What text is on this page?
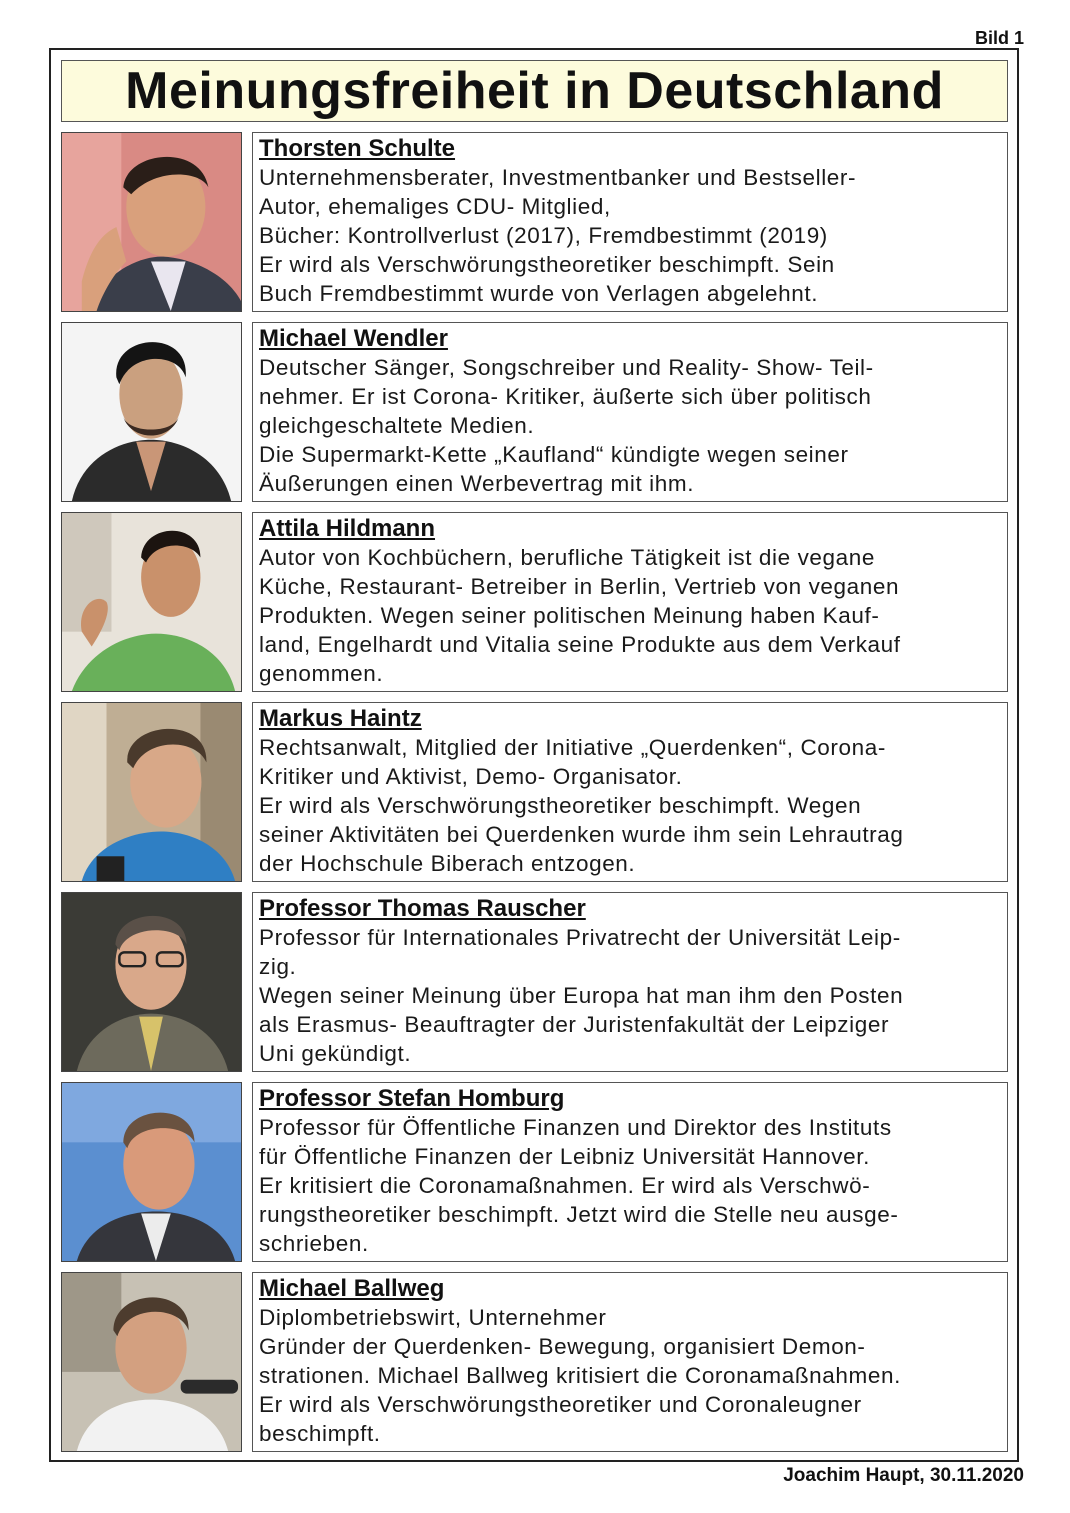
Bild 1
Meinungsfreiheit in Deutschland
Thorsten Schulte
Unternehmensberater, Investmentbanker und Bestseller-
Autor, ehemaliges CDU- Mitglied,
Bücher: Kontrollverlust (2017), Fremdbestimmt (2019)
Er wird als Verschwörungstheoretiker beschimpft. Sein
Buch Fremdbestimmt wurde von Verlagen abgelehnt.
Michael Wendler
Deutscher Sänger, Songschreiber und Reality- Show- Teil-
nehmer. Er ist Corona- Kritiker, äußerte sich über politisch
gleichgeschaltete Medien.
Die Supermarkt-Kette „Kaufland“ kündigte wegen seiner
Äußerungen einen Werbevertrag mit ihm.
Attila Hildmann
Autor von Kochbüchern, berufliche Tätigkeit ist die vegane
Küche, Restaurant- Betreiber in Berlin, Vertrieb von veganen
Produkten. Wegen seiner politischen Meinung haben Kauf-
land, Engelhardt und Vitalia seine Produkte aus dem Verkauf
genommen.
Markus Haintz
Rechtsanwalt, Mitglied der Initiative „Querdenken“, Corona-
Kritiker und Aktivist, Demo- Organisator.
Er wird als Verschwörungstheoretiker beschimpft. Wegen
seiner Aktivitäten bei Querdenken wurde ihm sein Lehrautrag
der Hochschule Biberach entzogen.
Professor Thomas Rauscher
Professor für Internationales Privatrecht der Universität Leip-
zig.
Wegen seiner Meinung über Europa hat man ihm den Posten
als Erasmus- Beauftragter der Juristenfakultät der Leipziger
Uni gekündigt.
Professor Stefan Homburg
Professor für Öffentliche Finanzen und Direktor des Instituts
für Öffentliche Finanzen der Leibniz Universität Hannover.
Er kritisiert die Coronamaßnahmen. Er wird als Verschwö-
rungstheoretiker beschimpft. Jetzt wird die Stelle neu ausge-
schrieben.
Michael Ballweg
Diplombetriebswirt, Unternehmer
Gründer der Querdenken- Bewegung, organisiert Demon-
strationen. Michael Ballweg kritisiert die Coronamaßnahmen.
Er wird als Verschwörungstheoretiker und Coronaleugner
beschimpft.
Joachim Haupt, 30.11.2020
